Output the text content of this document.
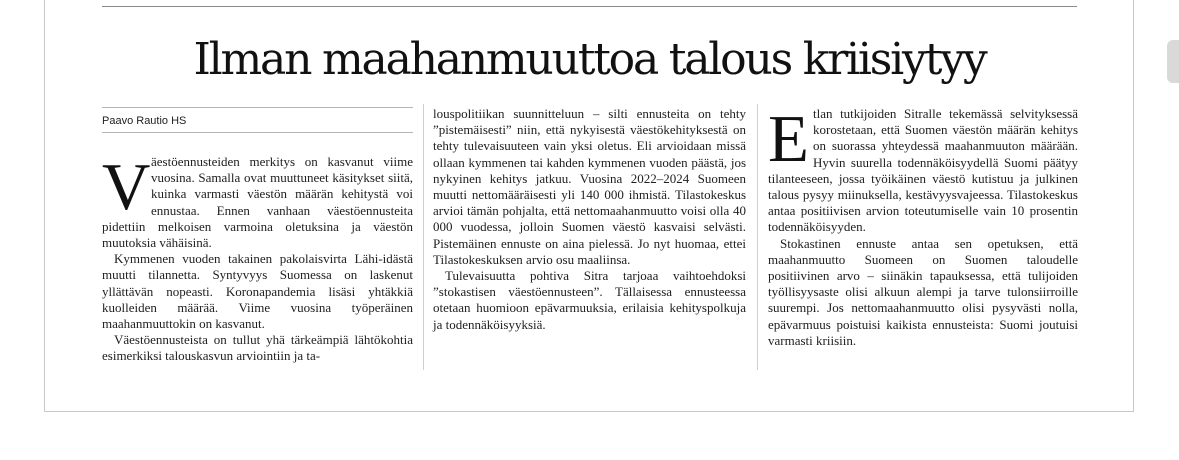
Ilman maahanmuuttoa talous kriisiytyy
Paavo Rautio HS
V äestöennusteiden merkitys on kasvanut viime vuosina. Samalla ovat muuttuneet käsitykset siitä, kuinka varmasti väestön määrän kehitystä voi ennustaa. Ennen vanhaan väestöennusteita pidettiin melkoisen varmoina oletuksina ja väestön muutoksia vähäisinä.

Kymmenen vuoden takainen pakolaisvirta Lähi-idästä muutti tilannetta. Syntyvyys Suomessa on laskenut yllättävän nopeasti. Koronapandemia lisäsi yhtäkkiä kuolleiden määrää. Viime vuosina työperäinen maahanmuuttokin on kasvanut.

Väestöennusteista on tullut yhä tärkeämpiä lähtökohtia esimerkiksi talouskasvun arviointiin ja ta-

louspolitiikan suunnitteluun – silti ennusteita on tehty ”pistemäisesti” niin, että nykyisestä väestökehityksestä on tehty tulevaisuuteen vain yksi oletus. Eli arvioidaan missä ollaan kymmenen tai kahden kymmenen vuoden päästä, jos nykyinen kehitys jatkuu. Vuosina 2022–2024 Suomeen muutti nettomääräisesti yli 140 000 ihmistä. Tilastokeskus arvioi tämän pohjalta, että nettomaahanmuutto voisi olla 40 000 vuodessa, jolloin Suomen väestö kasvaisi selvästi. Pistemäinen ennuste on aina pielessä. Jo nyt huomaa, ettei Tilastokeskuksen arvio osu maaliinsa.

Tulevaisuutta pohtiva Sitra tarjoaa vaihtoehdoksi ”stokastisen väestöennusteen”. Tällaisessa ennusteessa otetaan huomioon epävarmuuksia, erilaisia kehityspolkuja ja todennäköisyyksiä.

E tlan tutkijoiden Sitralle tekemässä selvityksessä korostetaan, että Suomen väestön määrän kehitys on suorassa yhteydessä maahanmuuton määrään. Hyvin suurella todennäköisyydellä Suomi päätyy tilanteeseen, jossa työikäinen väestö kutistuu ja julkinen talous pysyy miinuksella, kestävyysvajeessa. Tilastokeskus antaa positiivisen arvion toteutumiselle vain 10 prosentin todennäköisyyden.

Stokastinen ennuste antaa sen opetuksen, että maahanmuutto Suomeen on Suomen taloudelle positiivinen arvo – siinäkin tapauksessa, että tulijoiden työllisyysaste olisi alkuun alempi ja tarve tulonsiirroille suurempi. Jos nettomaahanmuutto olisi pysyvästi nolla, epävarmuus poistuisi kaikista ennusteista: Suomi joutuisi varmasti kriisiin.
